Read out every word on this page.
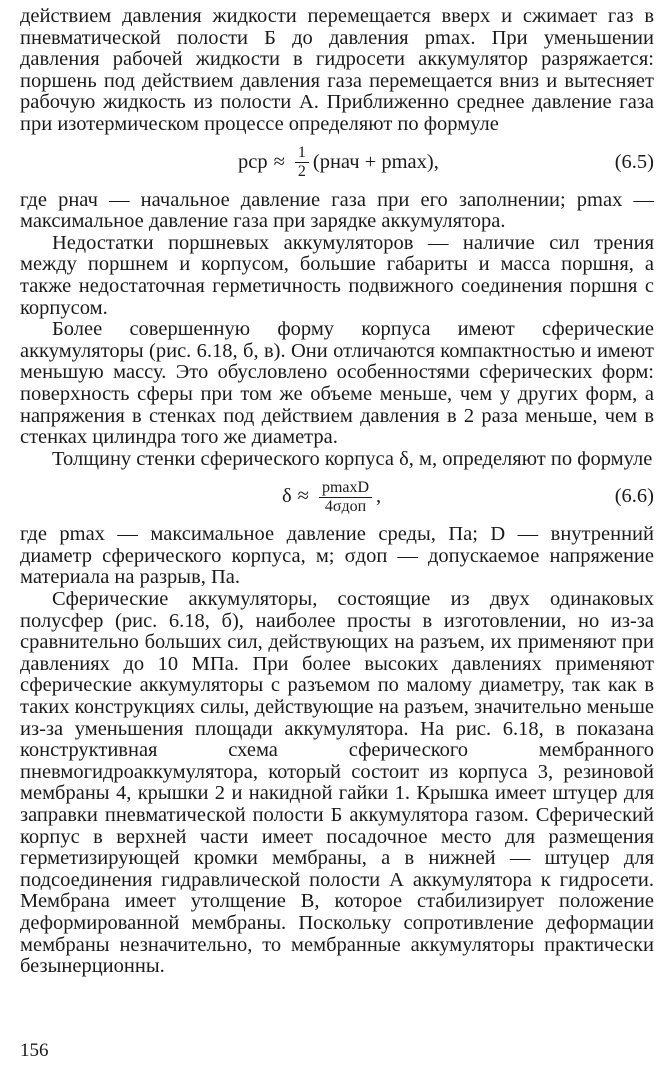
действием давления жидкости перемещается вверх и сжимает газ в пневматической полости Б до давления pmax. При уменьшении давления рабочей жидкости в гидросети аккумулятор разряжается: поршень под действием давления газа перемещается вниз и вытесняет рабочую жидкость из полости А. Приближенно среднее давление газа при изотермическом процессе определяют по формуле

pср ≈ $\frac{1}{2}$ (pнач + pmax),	(6.5)

где pнач — начальное давление газа при его заполнении; pmax — максимальное давление газа при зарядке аккумулятора.

Недостатки поршневых аккумуляторов — наличие сил трения между поршнем и корпусом, большие габариты и масса поршня, а также недостаточная герметичность подвижного соединения поршня с корпусом.

Более совершенную форму корпуса имеют сферические аккумуляторы (рис. 6.18, б, в). Они отличаются компактностью и имеют меньшую массу. Это обусловлено особенностями сферических форм: поверхность сферы при том же объеме меньше, чем у других форм, а напряжения в стенках под действием давления в 2 раза меньше, чем в стенках цилиндра того же диаметра.

Толщину стенки сферического корпуса δ, м, определяют по формуле

$\delta \approx \frac{pmaxD}{\text{4σдоп}}$ ,	(6.6)

где pmax — максимальное давление среды, Па; D — внутренний диаметр сферического корпуса, м; σдоп — допускаемое напряжение материала на разрыв, Па.

Сферические аккумуляторы, состоящие из двух одинаковых полусфер (рис. 6.18, б), наиболее просты в изготовлении, но из-за сравнительно больших сил, действующих на разъем, их применяют при давлениях до 10 МПа. При более высоких давлениях применяют сферические аккумуляторы с разъемом по малому диаметру, так как в таких конструкциях силы, действующие на разъем, значительно меньше из-за уменьшения площади аккумулятора. На рис. 6.18, в показана конструктивная схема сферического мембранного пневмогидроаккумулятора, который состоит из корпуса 3, резиновой мембраны 4, крышки 2 и накидной гайки 1. Крышка имеет штуцер для заправки пневматической полости Б аккумулятора газом. Сферический корпус в верхней части имеет посадочное место для размещения герметизирующей кромки мембраны, а в нижней — штуцер для подсоединения гидравлической полости А аккумулятора к гидросети. Мембрана имеет утолщение В, которое стабилизирует положение деформированной мембраны. Поскольку сопротивление деформации мембраны незначительно, то мембранные аккумуляторы практически безынерционны.

156
